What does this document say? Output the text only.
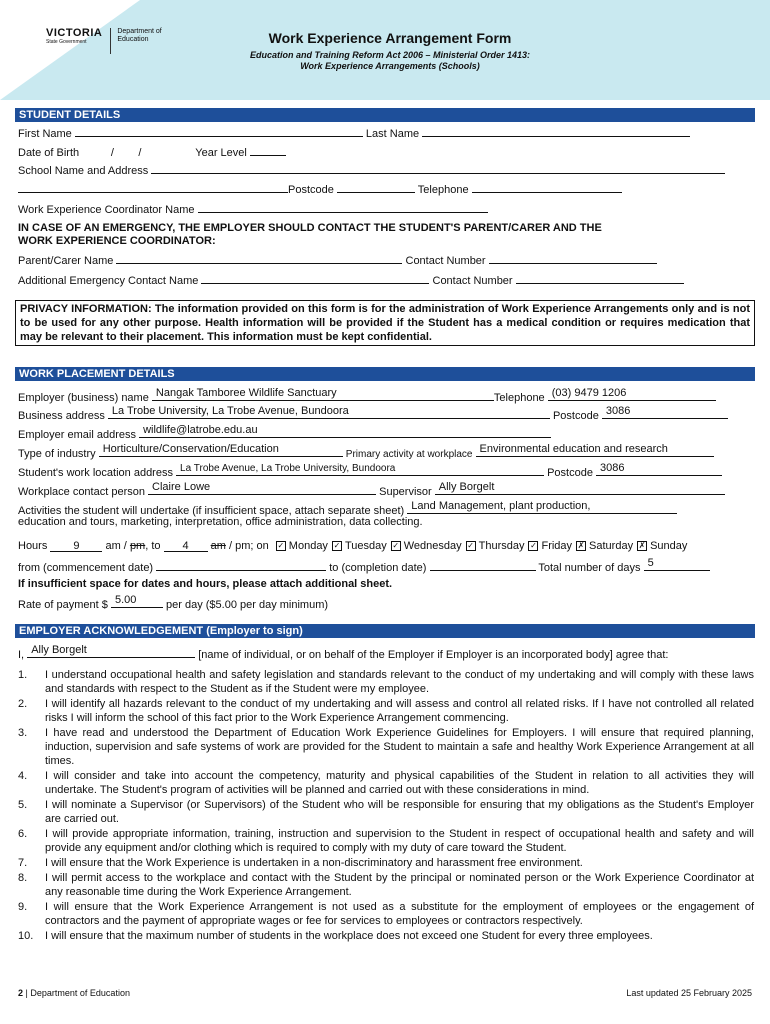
VICTORIA
State Government
Department of Education	Work Experience Arrangement Form
Education and Training Reform Act 2006 – Ministerial Order 1413:
Work Experience Arrangements (Schools)
STUDENT DETAILS
First Name	Last Name
Date of Birth	/ /	Year Level
School Name and Address
Postcode	Telephone
Work Experience Coordinator Name
IN CASE OF AN EMERGENCY, THE EMPLOYER SHOULD CONTACT THE STUDENT'S PARENT/CARER AND THE
WORK EXPERIENCE COORDINATOR:
Parent/Carer Name	Contact Number
Additional Emergency Contact Name	Contact Number
PRIVACY INFORMATION: The information provided on this form is for the administration of Work Experience Arrangements only and is not to be used for any other purpose. Health information will be provided if the Student has a medical condition or requires medication that may be relevant to their placement. This information must be kept confidential.
WORK PLACEMENT DETAILS
Employer (business) name Nangak Tamboree Wildlife Sanctuary	Telephone (03) 9479 1206
Business address La Trobe University, La Trobe Avenue, Bundoora	Postcode 3086
Employer email address wildlife@latrobe.edu.au
Type of industry Horticulture/Conservation/Education	Primary activity at workplace Environmental education and research
Student's work location address La Trobe Avenue, La Trobe University, Bundoora	Postcode 3086
Workplace contact person Claire Lowe	Supervisor Ally Borgelt
Activities the student will undertake (if insufficient space, attach separate sheet) Land Management, plant production,
education and tours, marketing, interpretation, office administration, data collecting.
Hours 9 am / pm, to 4 am / pm; on ✓ Monday ✓ Tuesday ✓ Wednesday ✓ Thursday ✓ Friday ✗ Saturday ✗ Sunday
from (commencement date)	to (completion date)	Total number of days 5
If insufficient space for dates and hours, please attach additional sheet.
Rate of payment $ 5.00	per day ($5.00 per day minimum)
EMPLOYER ACKNOWLEDGEMENT (Employer to sign)
I, Ally Borgelt	[name of individual, or on behalf of the Employer if Employer is an incorporated body] agree that:
1. I understand occupational health and safety legislation and standards relevant to the conduct of my undertaking and will comply with these laws and standards with respect to the Student as if the Student were my employee.
2. I will identify all hazards relevant to the conduct of my undertaking and will assess and control all related risks. If I have not controlled all related risks I will inform the school of this fact prior to the Work Experience Arrangement commencing.
3. I have read and understood the Department of Education Work Experience Guidelines for Employers. I will ensure that required planning, induction, supervision and safe systems of work are provided for the Student to maintain a safe and healthy Work Experience Arrangement at all times.
4. I will consider and take into account the competency, maturity and physical capabilities of the Student in relation to all activities they will undertake. The Student's program of activities will be planned and carried out with these considerations in mind.
5. I will nominate a Supervisor (or Supervisors) of the Student who will be responsible for ensuring that my obligations as the Student's Employer are carried out.
6. I will provide appropriate information, training, instruction and supervision to the Student in respect of occupational health and safety and will provide any equipment and/or clothing which is required to comply with my duty of care toward the Student.
7. I will ensure that the Work Experience is undertaken in a non-discriminatory and harassment free environment.
8. I will permit access to the workplace and contact with the Student by the principal or nominated person or the Work Experience Coordinator at any reasonable time during the Work Experience Arrangement.
9. I will ensure that the Work Experience Arrangement is not used as a substitute for the employment of employees or the engagement of contractors and the payment of appropriate wages or fee for services to employees or contractors respectively.
10. I will ensure that the maximum number of students in the workplace does not exceed one Student for every three employees.
2 | Department of Education	Last updated 25 February 2025
